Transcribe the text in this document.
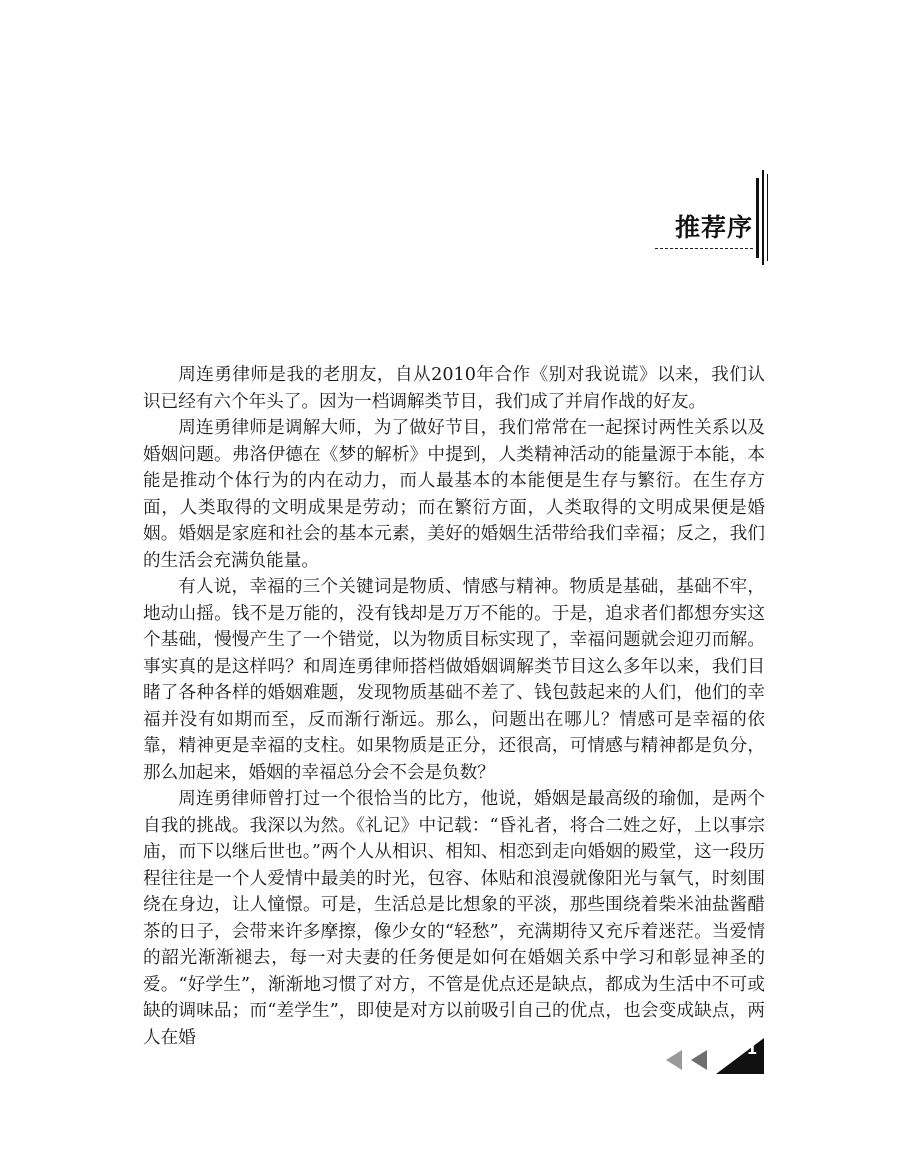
推荐序

周连勇律师是我的老朋友，自从2010年合作《别对我说谎》以来，我们认识已经有六个年头了。因为一档调解类节目，我们成了并肩作战的好友。

周连勇律师是调解大师，为了做好节目，我们常常在一起探讨两性关系以及婚姻问题。弗洛伊德在《梦的解析》中提到，人类精神活动的能量源于本能，本能是推动个体行为的内在动力，而人最基本的本能便是生存与繁衍。在生存方面，人类取得的文明成果是劳动；而在繁衍方面，人类取得的文明成果便是婚姻。婚姻是家庭和社会的基本元素，美好的婚姻生活带给我们幸福；反之，我们的生活会充满负能量。

有人说，幸福的三个关键词是物质、情感与精神。物质是基础，基础不牢，地动山摇。钱不是万能的，没有钱却是万万不能的。于是，追求者们都想夯实这个基础，慢慢产生了一个错觉，以为物质目标实现了，幸福问题就会迎刃而解。事实真的是这样吗？和周连勇律师搭档做婚姻调解类节目这么多年以来，我们目睹了各种各样的婚姻难题，发现物质基础不差了、钱包鼓起来的人们，他们的幸福并没有如期而至，反而渐行渐远。那么，问题出在哪儿？情感可是幸福的依靠，精神更是幸福的支柱。如果物质是正分，还很高，可情感与精神都是负分，那么加起来，婚姻的幸福总分会不会是负数？

周连勇律师曾打过一个很恰当的比方，他说，婚姻是最高级的瑜伽，是两个自我的挑战。我深以为然。《礼记》中记载：“昏礼者，将合二姓之好，上以事宗庙，而下以继后世也。”两个人从相识、相知、相恋到走向婚姻的殿堂，这一段历程往往是一个人爱情中最美的时光，包容、体贴和浪漫就像阳光与氧气，时刻围绕在身边，让人憧憬。可是，生活总是比想象的平淡，那些围绕着柴米油盐酱醋茶的日子，会带来许多摩擦，像少女的“轻愁”，充满期待又充斥着迷茫。当爱情的韶光渐渐褪去，每一对夫妻的任务便是如何在婚姻关系中学习和彰显神圣的爱。“好学生”，渐渐地习惯了对方，不管是优点还是缺点，都成为生活中不可或缺的调味品；而“差学生”，即使是对方以前吸引自己的优点，也会变成缺点，两人在婚

1
